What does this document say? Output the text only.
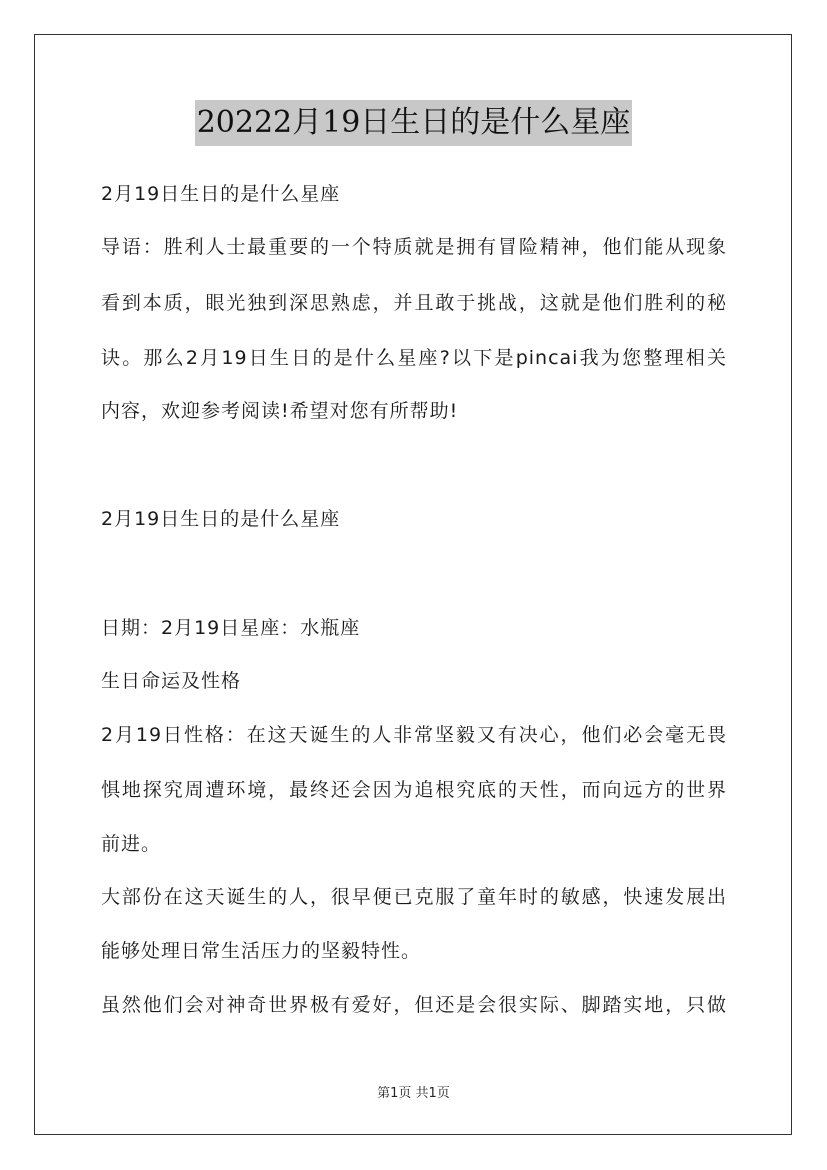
20222月19日生日的是什么星座
2月19日生日的是什么星座
导语：胜利人士最重要的一个特质就是拥有冒险精神，他们能从现象
看到本质，眼光独到深思熟虑，并且敢于挑战，这就是他们胜利的秘
诀。那么2月19日生日的是什么星座?以下是pincai我为您整理相关
内容，欢迎参考阅读!希望对您有所帮助!
2月19日生日的是什么星座
日期：2月19日星座：水瓶座
生日命运及性格
2月19日性格：在这天诞生的人非常坚毅又有决心，他们必会毫无畏
惧地探究周遭环境，最终还会因为追根究底的天性，而向远方的世界
前进。
大部份在这天诞生的人，很早便已克服了童年时的敏感，快速发展出
能够处理日常生活压力的坚毅特性。
虽然他们会对神奇世界极有爱好，但还是会很实际、脚踏实地，只做
第1页 共1页
